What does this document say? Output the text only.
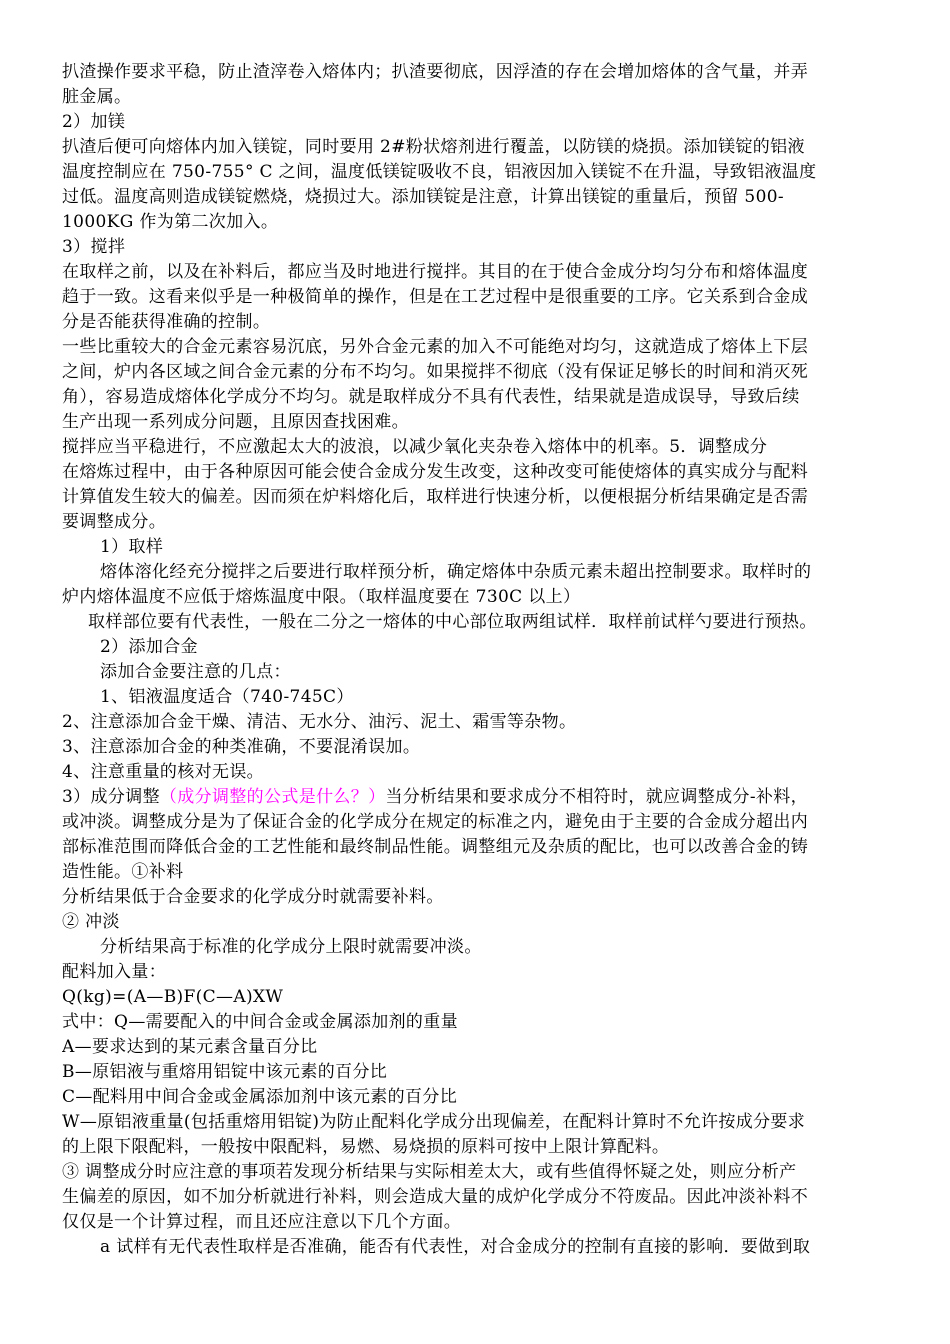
扒渣操作要求平稳，防止渣滓卷入熔体内；扒渣要彻底，因浮渣的存在会增加熔体的含气量，并弄
脏金属。
2）加镁
扒渣后便可向熔体内加入镁锭，同时要用 2#粉状熔剂进行覆盖，以防镁的烧损。添加镁锭的铝液
温度控制应在 750-755° C 之间，温度低镁锭吸收不良，铝液因加入镁锭不在升温，导致铝液温度
过低。温度高则造成镁锭燃烧，烧损过大。添加镁锭是注意，计算出镁锭的重量后，预留 500-
1000KG 作为第二次加入。
3）搅拌
在取样之前，以及在补料后，都应当及时地进行搅拌。其目的在于使合金成分均匀分布和熔体温度
趋于一致。这看来似乎是一种极简单的操作，但是在工艺过程中是很重要的工序。它关系到合金成
分是否能获得准确的控制。
一些比重较大的合金元素容易沉底，另外合金元素的加入不可能绝对均匀，这就造成了熔体上下层
之间，炉内各区域之间合金元素的分布不均匀。如果搅拌不彻底（没有保证足够长的时间和消灭死
角），容易造成熔体化学成分不均匀。就是取样成分不具有代表性，结果就是造成误导，导致后续
生产出现一系列成分问题，且原因查找困难。
搅拌应当平稳进行，不应激起太大的波浪，以减少氧化夹杂卷入熔体中的机率。5．调整成分
在熔炼过程中，由于各种原因可能会使合金成分发生改变，这种改变可能使熔体的真实成分与配料
计算值发生较大的偏差。因而须在炉料熔化后，取样进行快速分析，以便根据分析结果确定是否需
要调整成分。
1）取样
熔体溶化经充分搅拌之后要进行取样预分析，确定熔体中杂质元素未超出控制要求。取样时的
炉内熔体温度不应低于熔炼温度中限。（取样温度要在 730C 以上）
取样部位要有代表性，一般在二分之一熔体的中心部位取两组试样．取样前试样勺要进行预热。
2）添加合金
添加合金要注意的几点：
1、铝液温度适合（740-745C）
2、注意添加合金干燥、清洁、无水分、油污、泥土、霜雪等杂物。
3、注意添加合金的种类准确，不要混淆误加。
4、注意重量的核对无误。
3）成分调整（成分调整的公式是什么？）当分析结果和要求成分不相符时，就应调整成分-补料，
或冲淡。调整成分是为了保证合金的化学成分在规定的标准之内，避免由于主要的合金成分超出内
部标准范围而降低合金的工艺性能和最终制品性能。调整组元及杂质的配比，也可以改善合金的铸
造性能。①补料
分析结果低于合金要求的化学成分时就需要补料。
② 冲淡
分析结果高于标准的化学成分上限时就需要冲淡。
配料加入量：
Q(kg)=(A—B)F(C—A)XW
式中：Q—需要配入的中间合金或金属添加剂的重量
A—要求达到的某元素含量百分比
B—原铝液与重熔用铝锭中该元素的百分比
C—配料用中间合金或金属添加剂中该元素的百分比
W—原铝液重量(包括重熔用铝锭)为防止配料化学成分出现偏差，在配料计算时不允许按成分要求
的上限下限配料，一般按中限配料，易燃、易烧损的原料可按中上限计算配料。
③ 调整成分时应注意的事项若发现分析结果与实际相差太大，或有些值得怀疑之处，则应分析产
生偏差的原因，如不加分析就进行补料，则会造成大量的成炉化学成分不符废品。因此冲淡补料不
仅仅是一个计算过程，而且还应注意以下几个方面。
a 试样有无代表性取样是否准确，能否有代表性，对合金成分的控制有直接的影响．要做到取
